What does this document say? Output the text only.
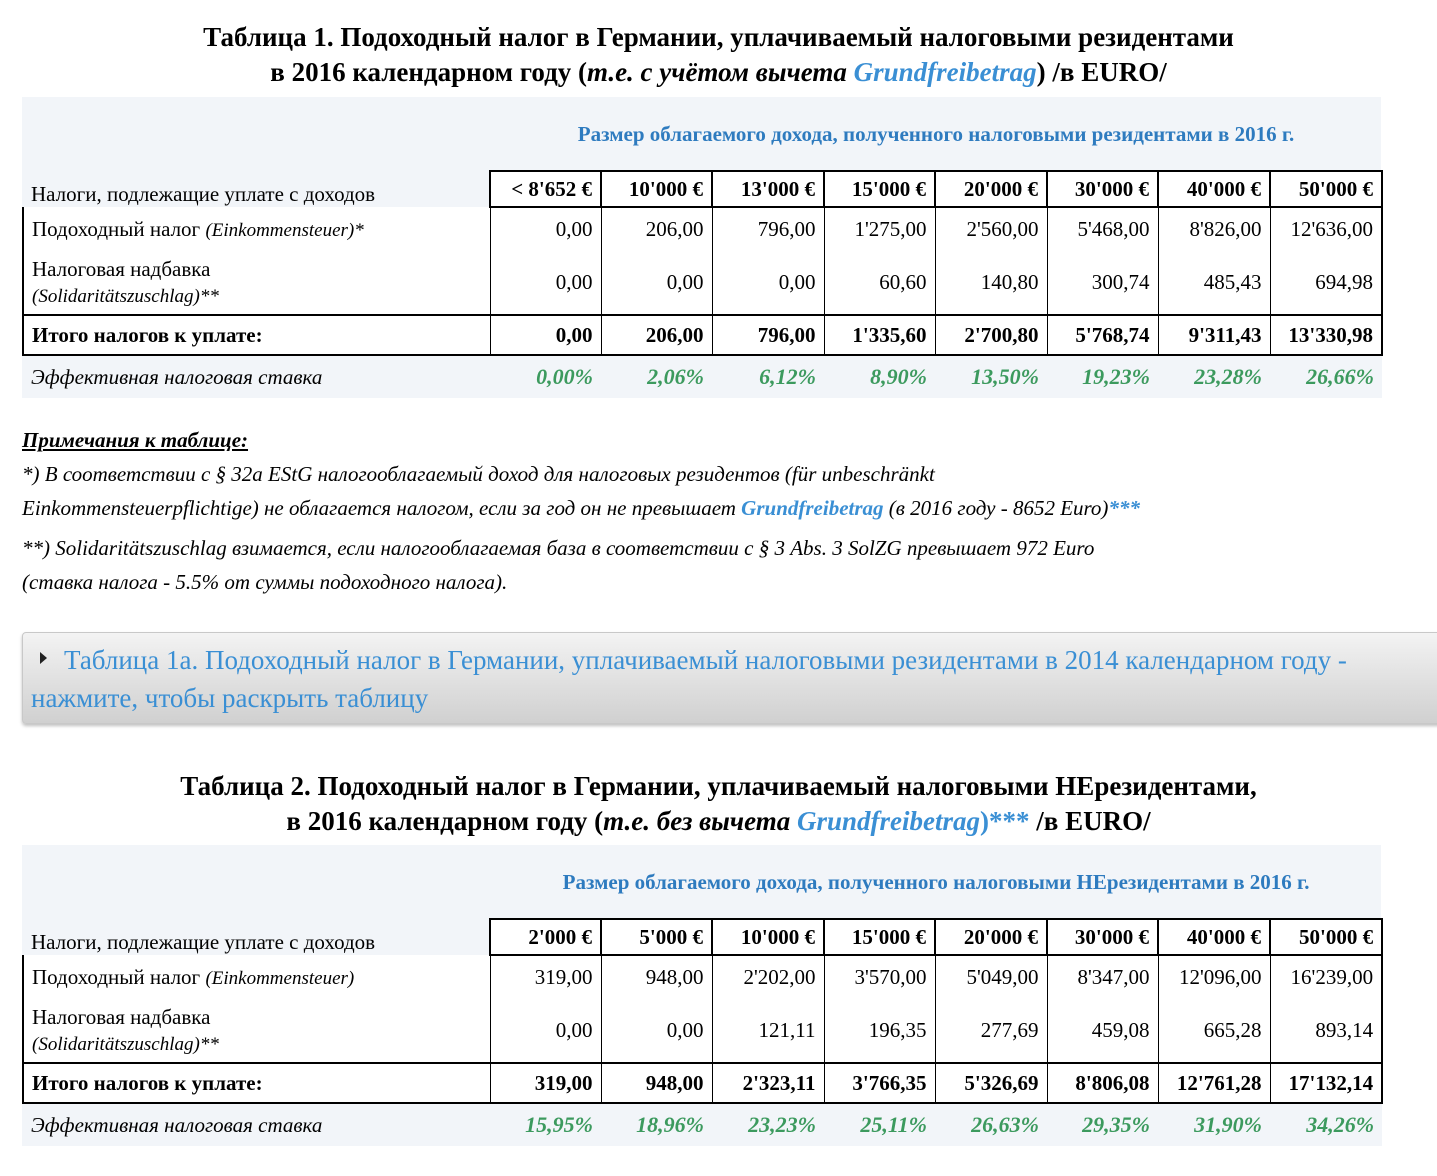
Таблица 1. Подоходный налог в Германии, уплачиваемый налоговыми резидентами
в 2016 календарном году (т.е. с учётом вычета Grundfreibetrag) /в EURO/
	Размер облагаемого дохода, полученного налоговыми резидентами в 2016 г.							
Налоги, подлежащие уплате с доходов	< 8'652 €	10'000 €	13'000 €	15'000 €	20'000 €	30'000 €	40'000 €	50'000 €
Подоходный налог (Einkommensteuer)*	0,00	206,00	796,00	1'275,00	2'560,00	5'468,00	8'826,00	12'636,00

Налоговая надбавка
(Solidaritätszuschlag)**	0,00	0,00	0,00	60,60	140,80	300,74	485,43	694,98
Итого налогов к уплате:	0,00	206,00	796,00	1'335,60	2'700,80	5'768,74	9'311,43	13'330,98
Эффективная налоговая ставка	0,00%	2,06%	6,12%	8,90%	13,50%	19,23%	23,28%	26,66%
Примечания к таблице:
*) В соответствии с § 32a EStG налогооблагаемый доход для налоговых резидентов (für unbeschränkt
Einkommensteuerpflichtige) не облагается налогом, если за год он не превышает Grundfreibetrag (в 2016 году - 8652 Euro)***
**) Solidaritätszuschlag взимается, если налогооблагаемая база в соответствии с § 3 Abs. 3 SolZG превышает 972 Euro
(ставка налога - 5.5% от суммы подоходного налога).
Таблица 1а. Подоходный налог в Германии, уплачиваемый налоговыми резидентами в 2014 календарном году - нажмите, чтобы раскрыть таблицу
Таблица 2. Подоходный налог в Германии, уплачиваемый налоговыми НЕрезидентами,
в 2016 календарном году (т.е. без вычета Grundfreibetrag)*** /в EURO/
	Размер облагаемого дохода, полученного налоговыми НЕрезидентами в 2016 г.							
Налоги, подлежащие уплате с доходов	2'000 €	5'000 €	10'000 €	15'000 €	20'000 €	30'000 €	40'000 €	50'000 €
Подоходный налог (Einkommensteuer)	319,00	948,00	2'202,00	3'570,00	5'049,00	8'347,00	12'096,00	16'239,00

Налоговая надбавка
(Solidaritätszuschlag)**	0,00	0,00	121,11	196,35	277,69	459,08	665,28	893,14
Итого налогов к уплате:	319,00	948,00	2'323,11	3'766,35	5'326,69	8'806,08	12'761,28	17'132,14
Эффективная налоговая ставка	15,95%	18,96%	23,23%	25,11%	26,63%	29,35%	31,90%	34,26%
